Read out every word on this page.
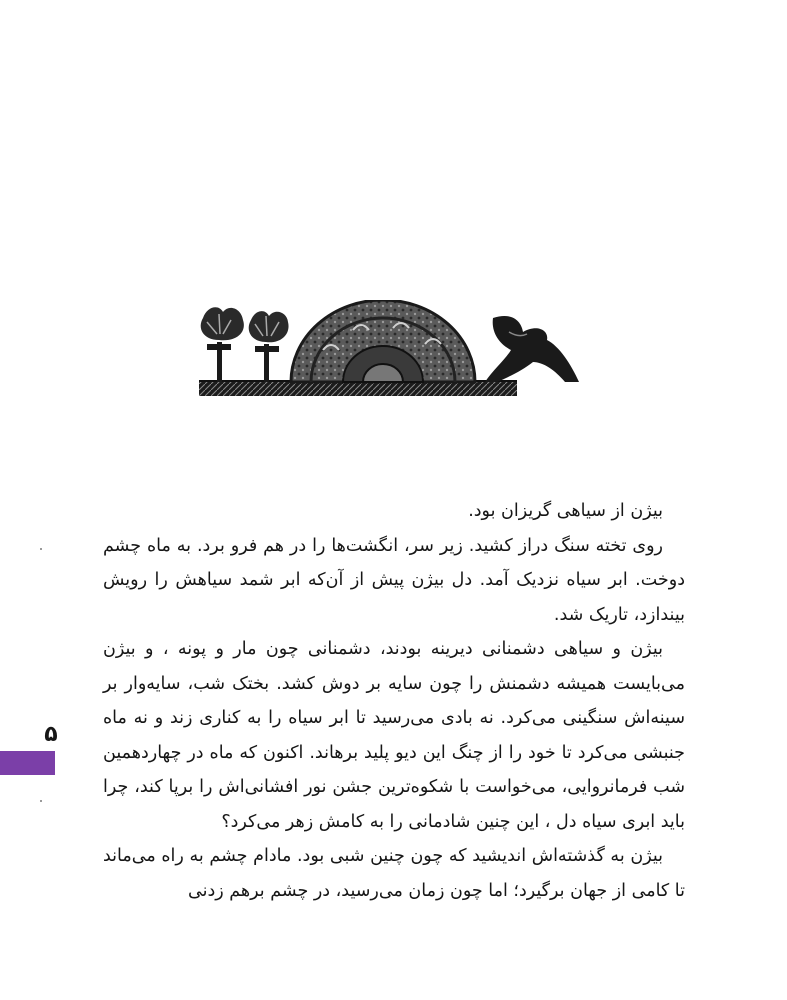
بیژن از سیاهی گریزان بود.

روی تخته سنگ دراز کشید. زیر سر، انگشت‌ها را در هم فرو برد. به ماه چشم دوخت. ابر سیاه نزدیک آمد. دل بیژن پیش از آن‌که ابر شمد سیاهش را رویش بیندازد، تاریک شد.

بیژن و سیاهی دشمنانی دیرینه بودند، دشمنانی چون مار و پونه ، و بیژن می‌بایست همیشه دشمنش را چون سایه بر دوش کشد. بختک شب، سایه‌وار بر سینه‌اش سنگینی می‌کرد. نه بادی می‌رسید تا ابر سیاه را به کناری زند و نه ماه جنبشی می‌کرد تا خود را از چنگ این دیو پلید برهاند. اکنون که ماه در چهاردهمین شب فرمانروایی، می‌خواست با شکوه‌ترین جشن نور افشانی‌اش را برپا کند، چرا باید ابری سیاه دل ، این چنین شادمانی را به کامش زهر می‌کرد؟

بیژن به گذشته‌اش اندیشید که چون چنین شبی بود. مادام چشم به راه می‌ماند تا کامی از جهان برگیرد؛ اما چون زمان می‌رسید، در چشم برهم زدنی

۵
